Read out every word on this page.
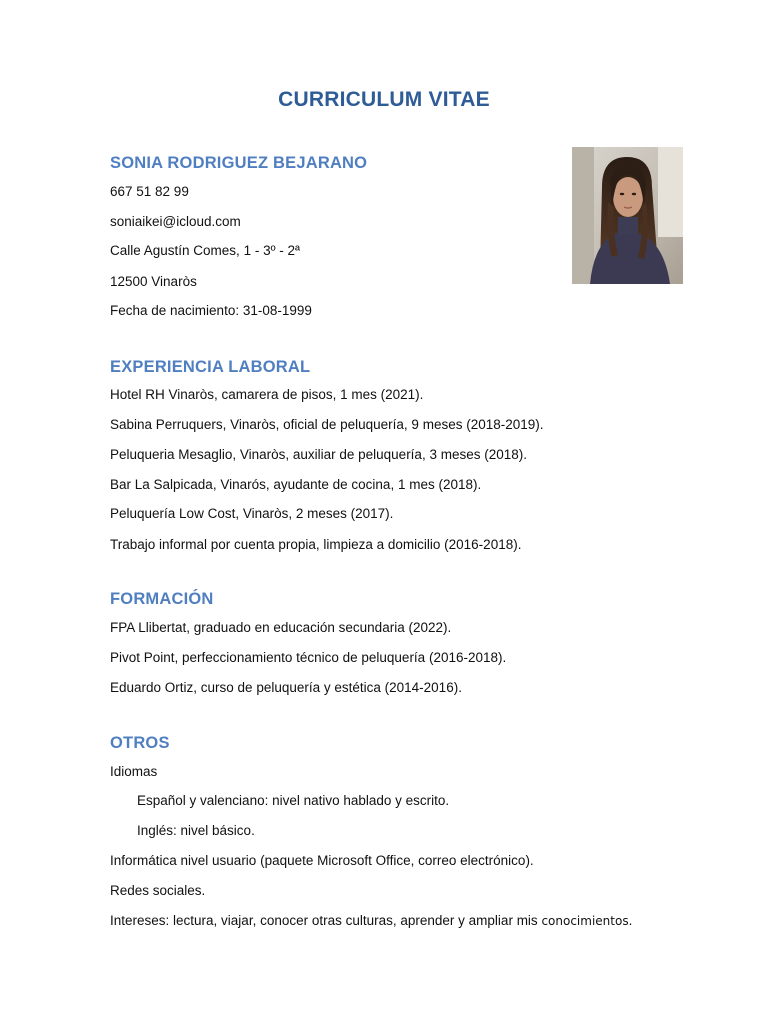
CURRICULUM VITAE
SONIA RODRIGUEZ BEJARANO
667 51 82 99
soniaikei@icloud.com
Calle Agustín Comes, 1 - 3º - 2ª
12500 Vinaròs
Fecha de nacimiento: 31-08-1999
EXPERIENCIA LABORAL
Hotel RH Vinaròs, camarera de pisos, 1 mes (2021).
Sabina Perruquers, Vinaròs, oficial de peluquería, 9 meses (2018-2019).
Peluqueria Mesaglio, Vinaròs, auxiliar de peluquería, 3 meses (2018).
Bar La Salpicada, Vinarós, ayudante de cocina, 1 mes (2018).
Peluquería Low Cost, Vinaròs, 2 meses (2017).
Trabajo informal por cuenta propia, limpieza a domicilio (2016-2018).
FORMACIÓN
FPA Llibertat, graduado en educación secundaria (2022).
Pivot Point, perfeccionamiento técnico de peluquería (2016-2018).
Eduardo Ortiz, curso de peluquería y estética (2014-2016).
OTROS
Idiomas
Español y valenciano: nivel nativo hablado y escrito.
Inglés: nivel básico.
Informática nivel usuario (paquete Microsoft Office, correo electrónico).
Redes sociales.
Intereses: lectura, viajar, conocer otras culturas, aprender y ampliar mis conocimientos.
